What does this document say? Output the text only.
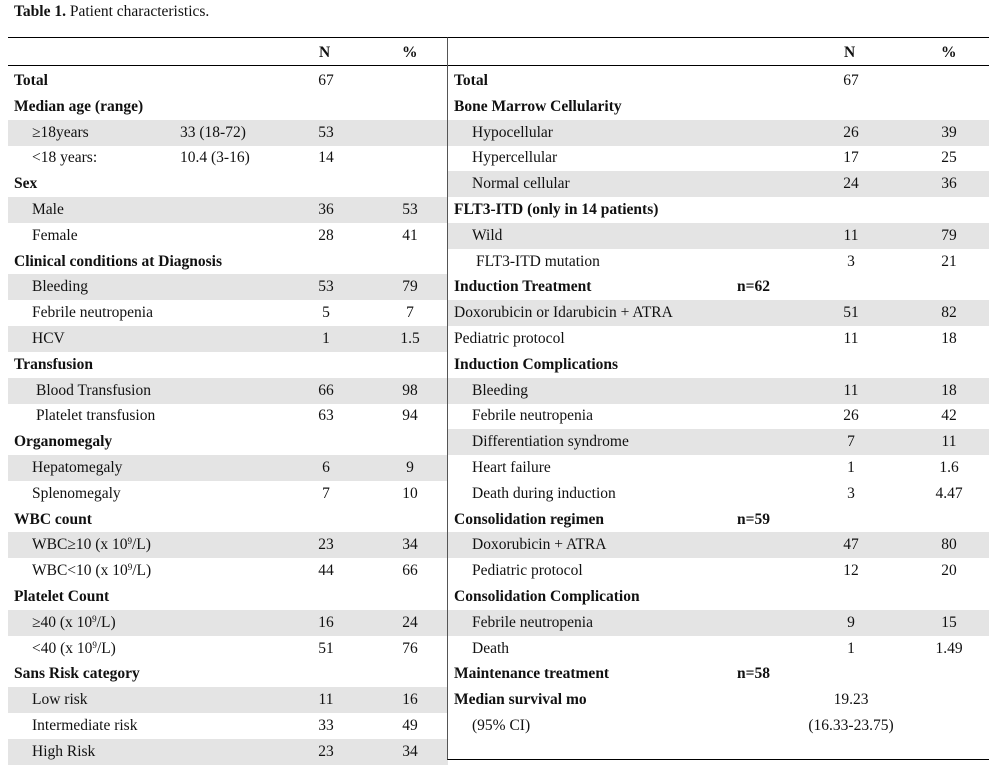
Table 1. Patient characteristics.
N	%
Total	67
Median age (range)
≥18years	33 (18-72)	53
<18 years:	10.4 (3-16)	14
Sex
Male	36	53
Female	28	41
Clinical conditions at Diagnosis
Bleeding	53	79
Febrile neutropenia	5	7
HCV	1	1.5
Transfusion
Blood Transfusion	66	98
Platelet transfusion	63	94
Organomegaly
Hepatomegaly	6	9
Splenomegaly	7	10
WBC count
WBC≥10 (x $10^9/L$)	23	34
WBC<10 (x $10^9/L$)	44	66
Platelet Count
≥40 (x $10^9/L$)	16	24
<40 (x $10^9/L$)	51	76
Sans Risk category
Low risk	11	16
Intermediate risk	33	49
High Risk	23	34
N	%
Total	67
Bone Marrow Cellularity
Hypocellular	26	39
Hypercellular	17	25
Normal cellular	24	36
FLT3-ITD (only in 14 patients)
Wild	11	79
FLT3-ITD mutation	3	21
Induction Treatment	n=62
Doxorubicin or Idarubicin + ATRA	51	82
Pediatric protocol	11	18
Induction Complications
Bleeding	11	18
Febrile neutropenia	26	42
Differentiation syndrome	7	11
Heart failure	1	1.6
Death during induction	3	4.47
Consolidation regimen	n=59
Doxorubicin + ATRA	47	80
Pediatric protocol	12	20
Consolidation Complication
Febrile neutropenia	9	15
Death	1	1.49
Maintenance treatment	n=58
Median survival mo	19.23
(95% CI)	(16.33-23.75)
